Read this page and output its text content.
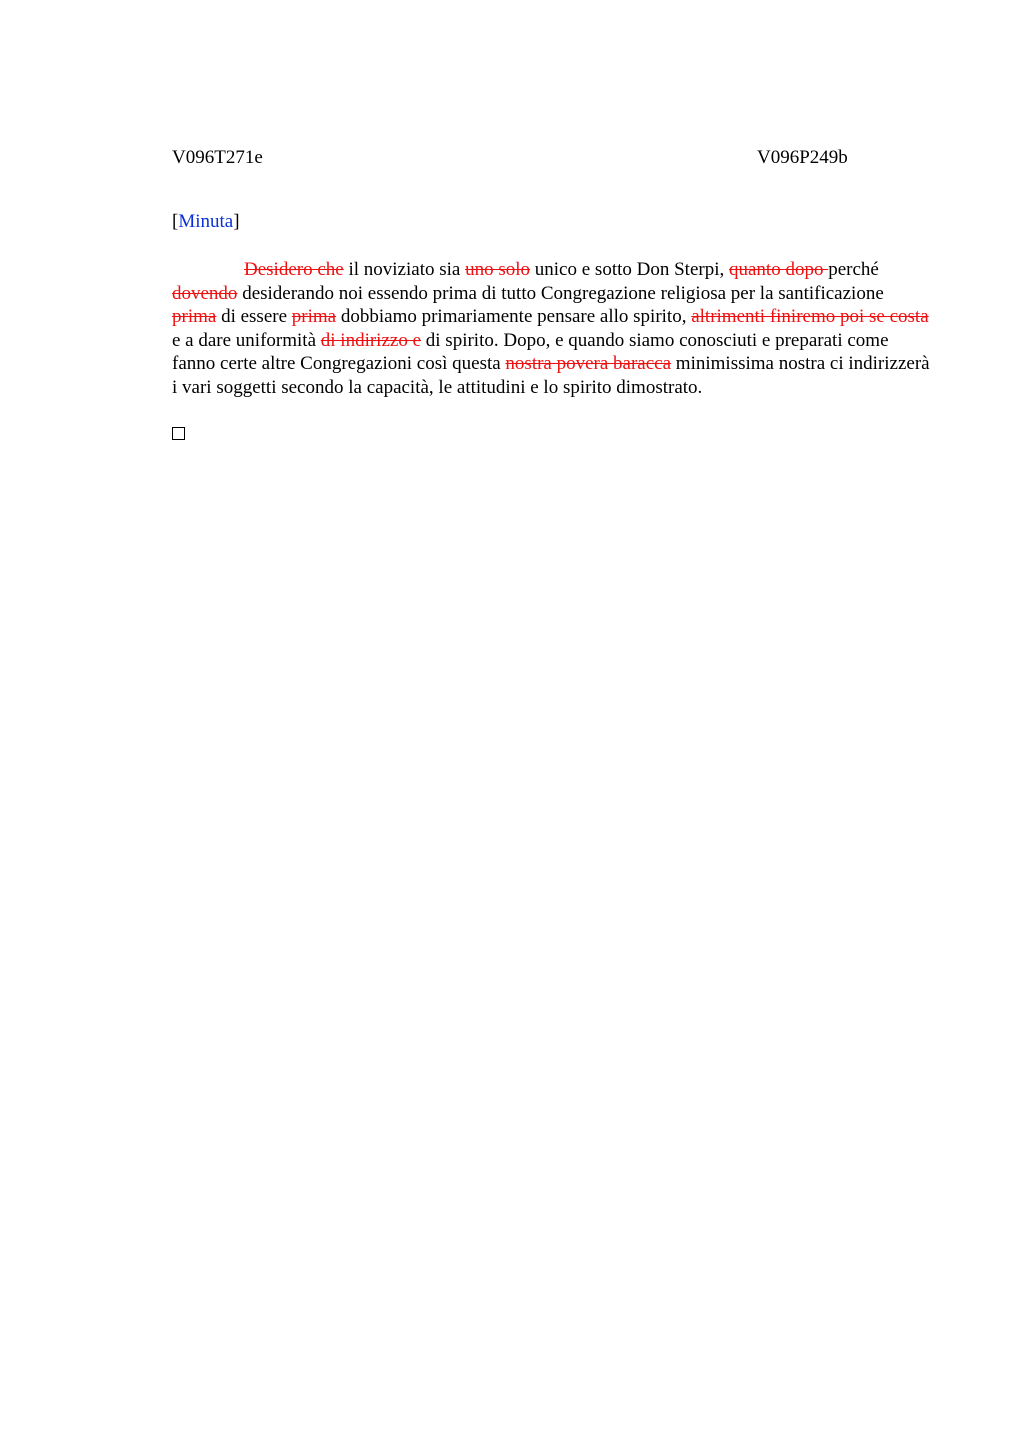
V096T271e	V096P249b
[Minuta]

Desidero che il noviziato sia uno solo unico e sotto Don Sterpi, quanto dopo perché dovendo desiderando noi essendo prima di tutto Congregazione religiosa per la santificazione prima di essere prima dobbiamo primariamente pensare allo spirito, altrimenti finiremo poi se costa e a dare uniformità di indirizzo e di spirito. Dopo, e quando siamo conosciuti e preparati come fanno certe altre Congregazioni così questa nostra povera baracca minimissima nostra ci indirizzerà i vari soggetti secondo la capacità, le attitudini e lo spirito dimostrato.
